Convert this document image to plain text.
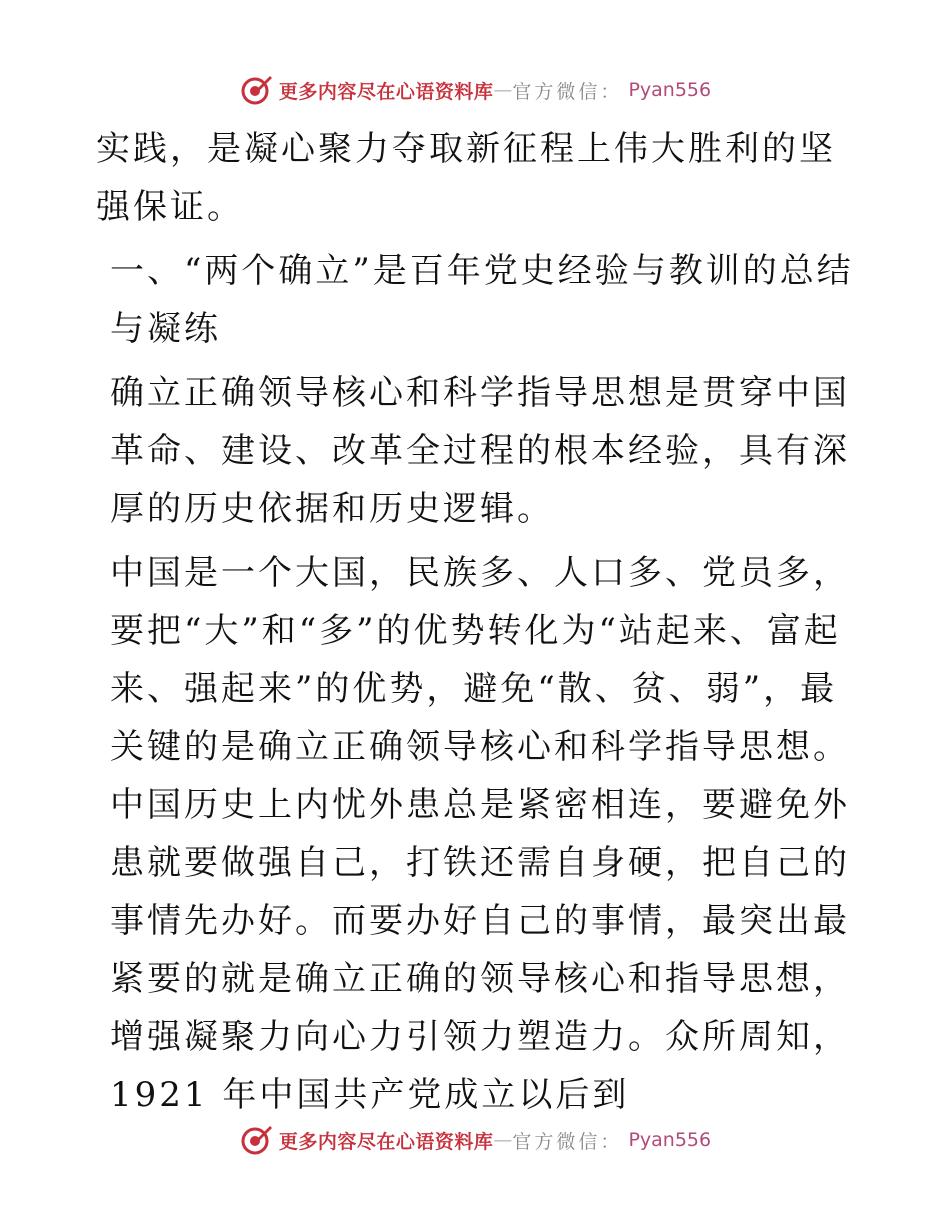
更多内容尽在心语资料库 — 官方微信： Pyan556

实践，是凝心聚力夺取新征程上伟大胜利的坚强保证。

一、“两个确立”是百年党史经验与教训的总结与凝练

确立正确领导核心和科学指导思想是贯穿中国革命、建设、改革全过程的根本经验，具有深厚的历史依据和历史逻辑。

中国是一个大国，民族多、人口多、党员多，要把“大”和“多”的优势转化为“站起来、富起来、强起来”的优势，避免“散、贫、弱”，最关键的是确立正确领导核心和科学指导思想。中国历史上内忧外患总是紧密相连，要避免外患就要做强自己，打铁还需自身硬，把自己的事情先办好。而要办好自己的事情，最突出最紧要的就是确立正确的领导核心和指导思想，增强凝聚力向心力引领力塑造力。众所周知，1921 年中国共产党成立以后到

更多内容尽在心语资料库 — 官方微信： Pyan556
